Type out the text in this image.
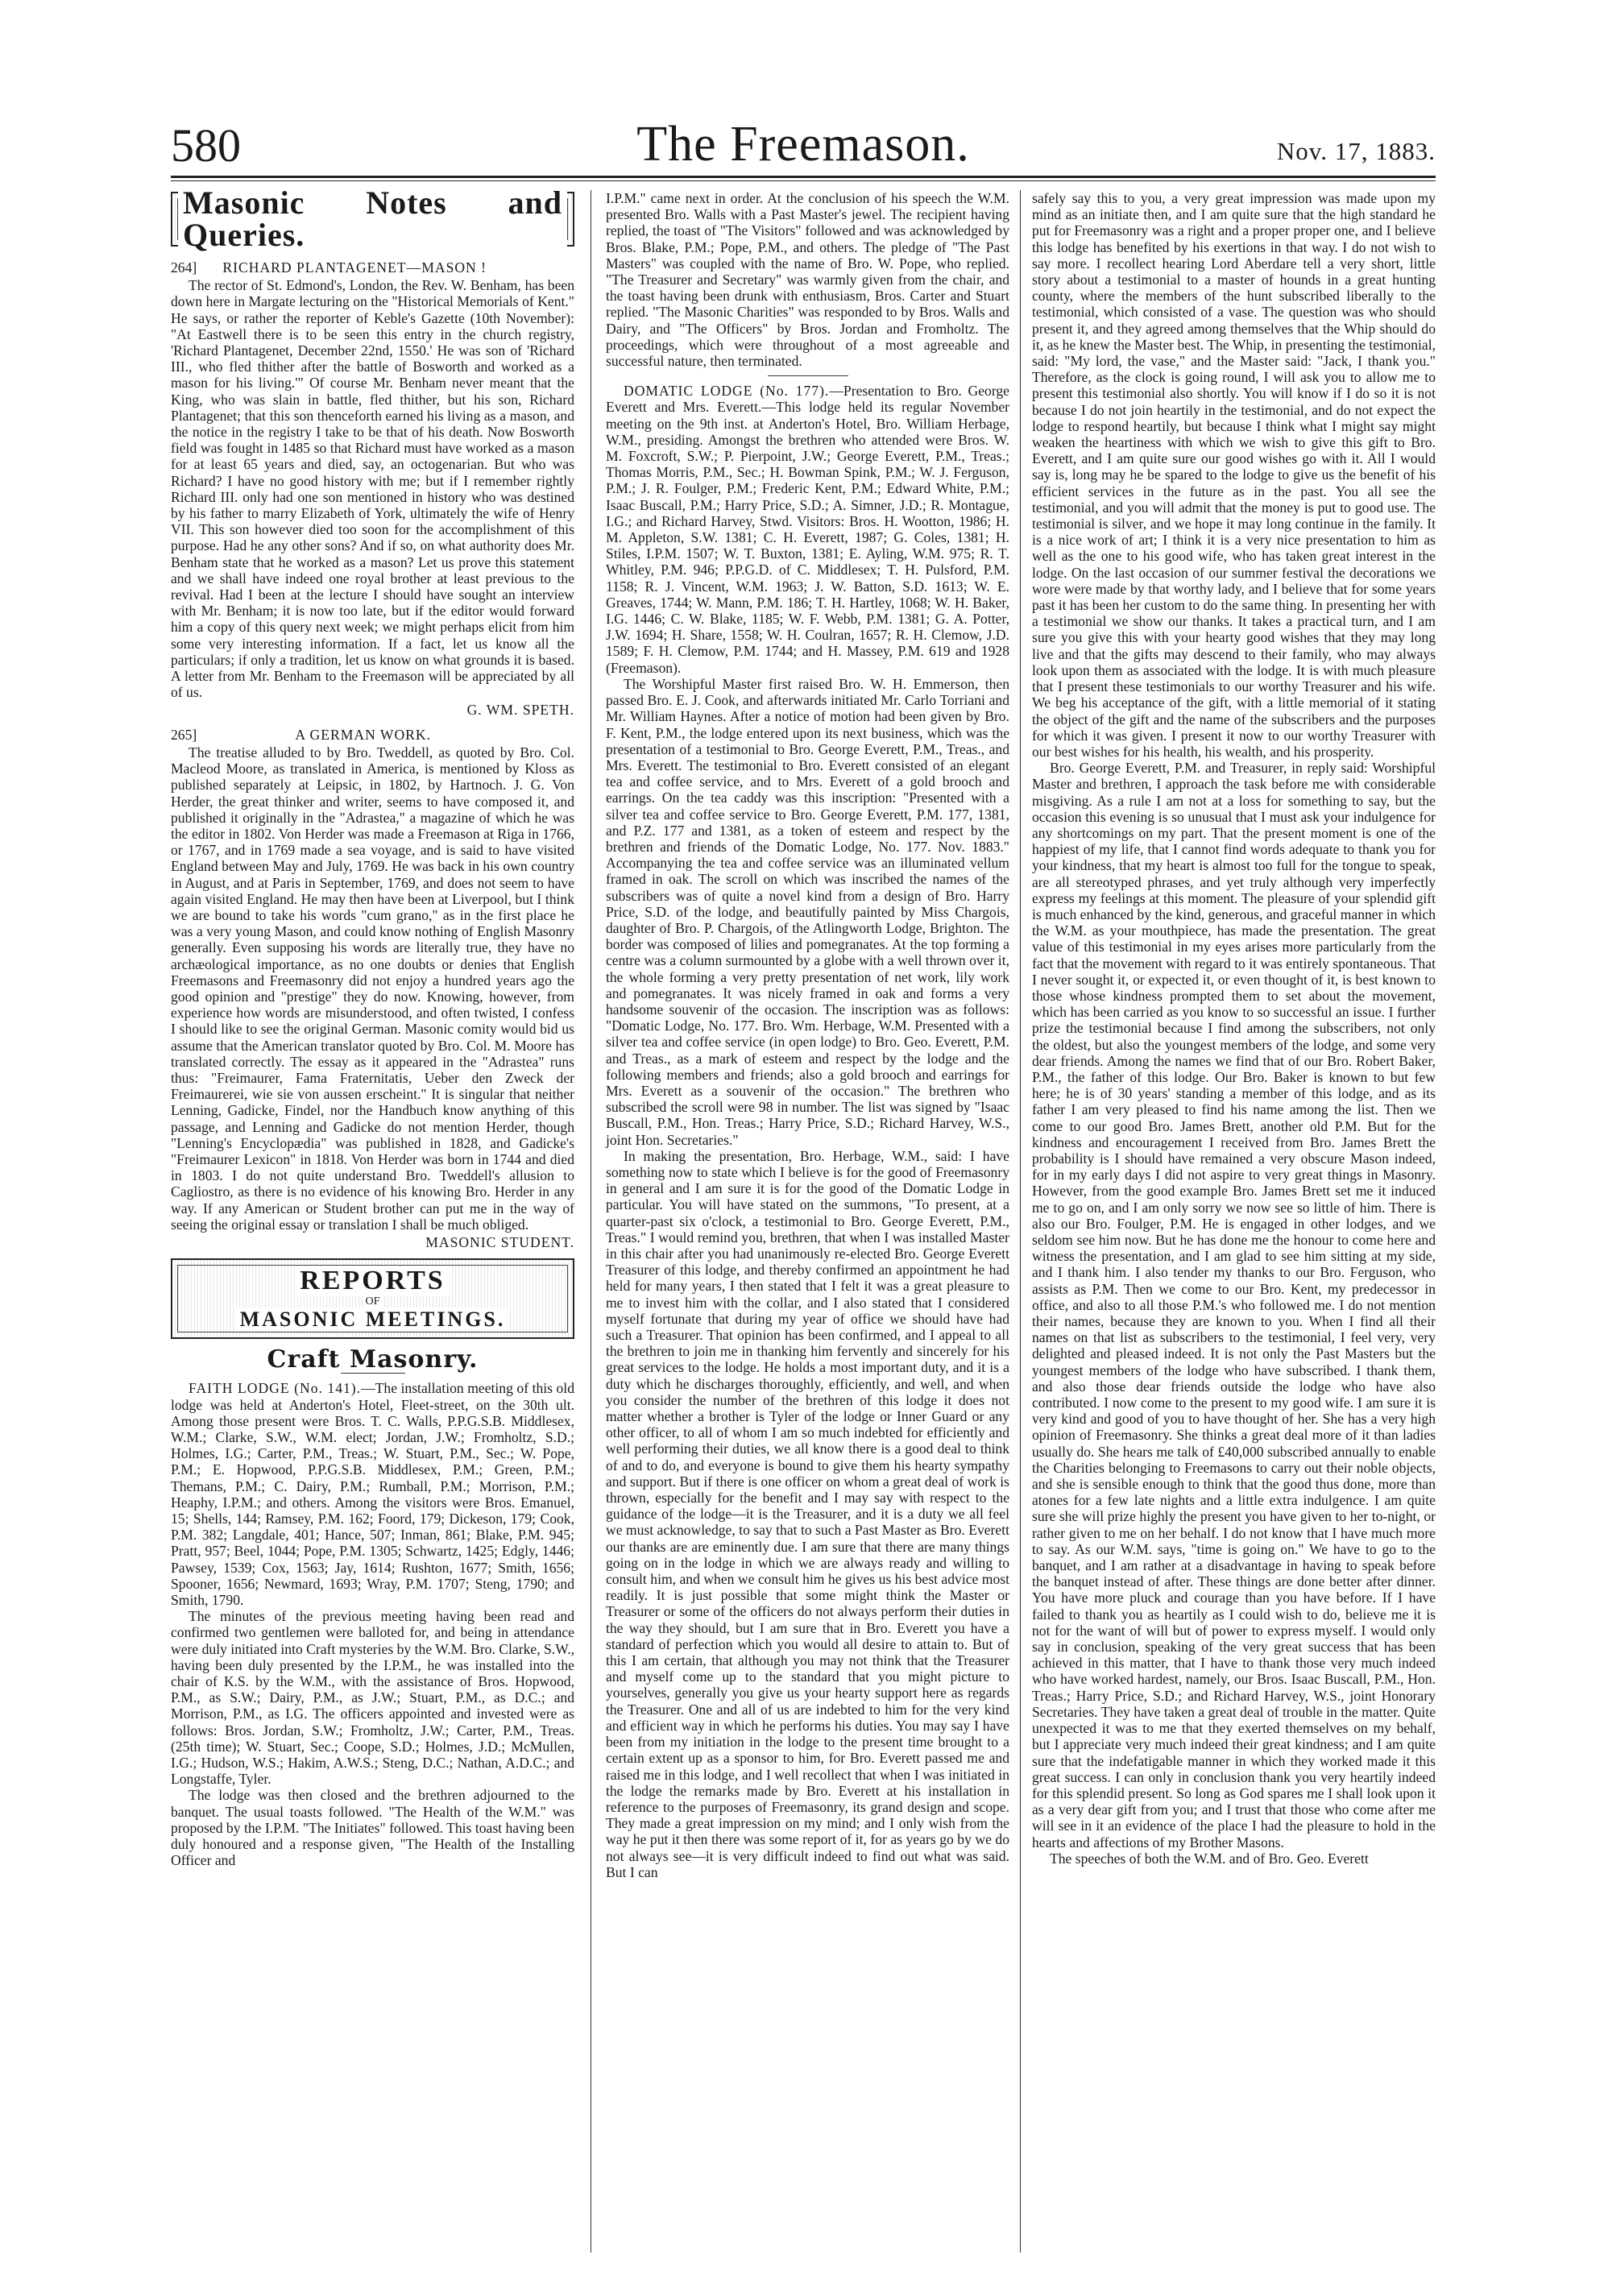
580	The Freemason.	Nov. 17, 1883.
Masonic Notes and Queries.
264] RICHARD PLANTAGENET—MASON !

The rector of St. Edmond's, London, the Rev. W. Benham, has been down here in Margate lecturing on the "Historical Memorials of Kent." He says, or rather the reporter of Keble's Gazette (10th November): "At Eastwell there is to be seen this entry in the church registry, 'Richard Plantagenet, December 22nd, 1550.' He was son of 'Richard III., who fled thither after the battle of Bosworth and worked as a mason for his living.'" Of course Mr. Benham never meant that the King, who was slain in battle, fled thither, but his son, Richard Plantagenet; that this son thenceforth earned his living as a mason, and the notice in the registry I take to be that of his death. Now Bosworth field was fought in 1485 so that Richard must have worked as a mason for at least 65 years and died, say, an octogenarian. But who was Richard? I have no good history with me; but if I remember rightly Richard III. only had one son mentioned in history who was destined by his father to marry Elizabeth of York, ultimately the wife of Henry VII. This son however died too soon for the accomplishment of this purpose. Had he any other sons? And if so, on what authority does Mr. Benham state that he worked as a mason? Let us prove this statement and we shall have indeed one royal brother at least previous to the revival. Had I been at the lecture I should have sought an interview with Mr. Benham; it is now too late, but if the editor would forward him a copy of this query next week; we might perhaps elicit from him some very interesting information. If a fact, let us know all the particulars; if only a tradition, let us know on what grounds it is based. A letter from Mr. Benham to the Freemason will be appreciated by all of us.

G. WM. SPETH.
265]	A GERMAN WORK.

The treatise alluded to by Bro. Tweddell, as quoted by Bro. Col. Macleod Moore, as translated in America, is mentioned by Kloss as published separately at Leipsic, in 1802, by Hartnoch. J. G. Von Herder, the great thinker and writer, seems to have composed it, and published it originally in the "Adrastea," a magazine of which he was the editor in 1802. Von Herder was made a Freemason at Riga in 1766, or 1767, and in 1769 made a sea voyage, and is said to have visited England between May and July, 1769. He was back in his own country in August, and at Paris in September, 1769, and does not seem to have again visited England. He may then have been at Liverpool, but I think we are bound to take his words "cum grano," as in the first place he was a very young Mason, and could know nothing of English Masonry generally. Even supposing his words are literally true, they have no archæological importance, as no one doubts or denies that English Freemasons and Freemasonry did not enjoy a hundred years ago the good opinion and "prestige" they do now. Knowing, however, from experience how words are misunderstood, and often twisted, I confess I should like to see the original German. Masonic comity would bid us assume that the American translator quoted by Bro. Col. M. Moore has translated correctly. The essay as it appeared in the "Adrastea" runs thus: "Freimaurer, Fama Fraternitatis, Ueber den Zweck der Freimaurerei, wie sie von aussen erscheint." It is singular that neither Lenning, Gadicke, Findel, nor the Handbuch know anything of this passage, and Lenning and Gadicke do not mention Herder, though "Lenning's Encyclopædia" was published in 1828, and Gadicke's "Freimaurer Lexicon" in 1818. Von Herder was born in 1744 and died in 1803. I do not quite understand Bro. Tweddell's allusion to Cagliostro, as there is no evidence of his knowing Bro. Herder in any way. If any American or Student brother can put me in the way of seeing the original essay or translation I shall be much obliged.

MASONIC STUDENT.
REPORTS
OF
MASONIC MEETINGS.
Craft Masonry.

FAITH LODGE (No. 141).—The installation meeting of this old lodge was held at Anderton's Hotel, Fleet-street, on the 30th ult. Among those present were Bros. T. C. Walls, P.P.G.S.B. Middlesex, W.M.; Clarke, S.W., W.M. elect; Jordan, J.W.; Fromholtz, S.D.; Holmes, I.G.; Carter, P.M., Treas.; W. Stuart, P.M., Sec.; W. Pope, P.M.; E. Hopwood, P.P.G.S.B. Middlesex, P.M.; Green, P.M.; Themans, P.M.; C. Dairy, P.M.; Rumball, P.M.; Morrison, P.M.; Heaphy, I.P.M.; and others. Among the visitors were Bros. Emanuel, 15; Shells, 144; Ramsey, P.M. 162; Foord, 179; Dickeson, 179; Cook, P.M. 382; Langdale, 401; Hance, 507; Inman, 861; Blake, P.M. 945; Pratt, 957; Beel, 1044; Pope, P.M. 1305; Schwartz, 1425; Edgly, 1446; Pawsey, 1539; Cox, 1563; Jay, 1614; Rushton, 1677; Smith, 1656; Spooner, 1656; Newmard, 1693; Wray, P.M. 1707; Steng, 1790; and Smith, 1790.

The minutes of the previous meeting having been read and confirmed two gentlemen were balloted for, and being in attendance were duly initiated into Craft mysteries by the W.M. Bro. Clarke, S.W., having been duly presented by the I.P.M., he was installed into the chair of K.S. by the W.M., with the assistance of Bros. Hopwood, P.M., as S.W.; Dairy, P.M., as J.W.; Stuart, P.M., as D.C.; and Morrison, P.M., as I.G. The officers appointed and invested were as follows: Bros. Jordan, S.W.; Fromholtz, J.W.; Carter, P.M., Treas. (25th time); W. Stuart, Sec.; Coope, S.D.; Holmes, J.D.; McMullen, I.G.; Hudson, W.S.; Hakim, A.W.S.; Steng, D.C.; Nathan, A.D.C.; and Longstaffe, Tyler.

The lodge was then closed and the brethren adjourned to the banquet. The usual toasts followed. "The Health of the W.M." was proposed by the I.P.M. "The Initiates" followed. This toast having been duly honoured and a response given, "The Health of the Installing Officer and

I.P.M." came next in order. At the conclusion of his speech the W.M. presented Bro. Walls with a Past Master's jewel. The recipient having replied, the toast of "The Visitors" followed and was acknowledged by Bros. Blake, P.M.; Pope, P.M., and others. The pledge of "The Past Masters" was coupled with the name of Bro. W. Pope, who replied. "The Treasurer and Secretary" was warmly given from the chair, and the toast having been drunk with enthusiasm, Bros. Carter and Stuart replied. "The Masonic Charities" was responded to by Bros. Walls and Dairy, and "The Officers" by Bros. Jordan and Fromholtz. The proceedings, which were throughout of a most agreeable and successful nature, then terminated.

DOMATIC LODGE (No. 177).—Presentation to Bro. George Everett and Mrs. Everett.—This lodge held its regular November meeting on the 9th inst. at Anderton's Hotel, Bro. William Herbage, W.M., presiding. Amongst the brethren who attended were Bros. W. M. Foxcroft, S.W.; P. Pierpoint, J.W.; George Everett, P.M., Treas.; Thomas Morris, P.M., Sec.; H. Bowman Spink, P.M.; W. J. Ferguson, P.M.; J. R. Foulger, P.M.; Frederic Kent, P.M.; Edward White, P.M.; Isaac Buscall, P.M.; Harry Price, S.D.; A. Simner, J.D.; R. Montague, I.G.; and Richard Harvey, Stwd. Visitors: Bros. H. Wootton, 1986; H. M. Appleton, S.W. 1381; C. H. Everett, 1987; G. Coles, 1381; H. Stiles, I.P.M. 1507; W. T. Buxton, 1381; E. Ayling, W.M. 975; R. T. Whitley, P.M. 946; P.P.G.D. of C. Middlesex; T. H. Pulsford, P.M. 1158; R. J. Vincent, W.M. 1963; J. W. Batton, S.D. 1613; W. E. Greaves, 1744; W. Mann, P.M. 186; T. H. Hartley, 1068; W. H. Baker, I.G. 1446; C. W. Blake, 1185; W. F. Webb, P.M. 1381; G. A. Potter, J.W. 1694; H. Share, 1558; W. H. Coulran, 1657; R. H. Clemow, J.D. 1589; F. H. Clemow, P.M. 1744; and H. Massey, P.M. 619 and 1928 (Freemason).

The Worshipful Master first raised Bro. W. H. Emmerson, then passed Bro. E. J. Cook, and afterwards initiated Mr. Carlo Torriani and Mr. William Haynes. After a notice of motion had been given by Bro. F. Kent, P.M., the lodge entered upon its next business, which was the presentation of a testimonial to Bro. George Everett, P.M., Treas., and Mrs. Everett. The testimonial to Bro. Everett consisted of an elegant tea and coffee service, and to Mrs. Everett of a gold brooch and earrings. On the tea caddy was this inscription: "Presented with a silver tea and coffee service to Bro. George Everett, P.M. 177, 1381, and P.Z. 177 and 1381, as a token of esteem and respect by the brethren and friends of the Domatic Lodge, No. 177. Nov. 1883." Accompanying the tea and coffee service was an illuminated vellum framed in oak. The scroll on which was inscribed the names of the subscribers was of quite a novel kind from a design of Bro. Harry Price, S.D. of the lodge, and beautifully painted by Miss Chargois, daughter of Bro. P. Chargois, of the Atlingworth Lodge, Brighton. The border was composed of lilies and pomegranates. At the top forming a centre was a column surmounted by a globe with a well thrown over it, the whole forming a very pretty presentation of net work, lily work and pomegranates. It was nicely framed in oak and forms a very handsome souvenir of the occasion. The inscription was as follows: "Domatic Lodge, No. 177. Bro. Wm. Herbage, W.M. Presented with a silver tea and coffee service (in open lodge) to Bro. Geo. Everett, P.M. and Treas., as a mark of esteem and respect by the lodge and the following members and friends; also a gold brooch and earrings for Mrs. Everett as a souvenir of the occasion." The brethren who subscribed the scroll were 98 in number. The list was signed by "Isaac Buscall, P.M., Hon. Treas.; Harry Price, S.D.; Richard Harvey, W.S., joint Hon. Secretaries."

In making the presentation, Bro. Herbage, W.M., said: I have something now to state which I believe is for the good of Freemasonry in general and I am sure it is for the good of the Domatic Lodge in particular. You will have stated on the summons, "To present, at a quarter-past six o'clock, a testimonial to Bro. George Everett, P.M., Treas." I would remind you, brethren, that when I was installed Master in this chair after you had unanimously re-elected Bro. George Everett Treasurer of this lodge, and thereby confirmed an appointment he had held for many years, I then stated that I felt it was a great pleasure to me to invest him with the collar, and I also stated that I considered myself fortunate that during my year of office we should have had such a Treasurer. That opinion has been confirmed, and I appeal to all the brethren to join me in thanking him fervently and sincerely for his great services to the lodge. He holds a most important duty, and it is a duty which he discharges thoroughly, efficiently, and well, and when you consider the number of the brethren of this lodge it does not matter whether a brother is Tyler of the lodge or Inner Guard or any other officer, to all of whom I am so much indebted for efficiently and well performing their duties, we all know there is a good deal to think of and to do, and everyone is bound to give them his hearty sympathy and support. But if there is one officer on whom a great deal of work is thrown, especially for the benefit and I may say with respect to the guidance of the lodge—it is the Treasurer, and it is a duty we all feel we must acknowledge, to say that to such a Past Master as Bro. Everett our thanks are are eminently due. I am sure that there are many things going on in the lodge in which we are always ready and willing to consult him, and when we consult him he gives us his best advice most readily. It is just possible that some might think the Master or Treasurer or some of the officers do not always perform their duties in the way they should, but I am sure that in Bro. Everett you have a standard of perfection which you would all desire to attain to. But of this I am certain, that although you may not think that the Treasurer and myself come up to the standard that you might picture to yourselves, generally you give us your hearty support here as regards the Treasurer. One and all of us are indebted to him for the very kind and efficient way in which he performs his duties. You may say I have been from my initiation in the lodge to the present time brought to a certain extent up as a sponsor to him, for Bro. Everett passed me and raised me in this lodge, and I well recollect that when I was initiated in the lodge the remarks made by Bro. Everett at his installation in reference to the purposes of Freemasonry, its grand design and scope. They made a great impression on my mind; and I only wish from the way he put it then there was some report of it, for as years go by we do not always see—it is very difficult indeed to find out what was said. But I can

safely say this to you, a very great impression was made upon my mind as an initiate then, and I am quite sure that the high standard he put for Freemasonry was a right and a proper proper one, and I believe this lodge has benefited by his exertions in that way. I do not wish to say more. I recollect hearing Lord Aberdare tell a very short, little story about a testimonial to a master of hounds in a great hunting county, where the members of the hunt subscribed liberally to the testimonial, which consisted of a vase. The question was who should present it, and they agreed among themselves that the Whip should do it, as he knew the Master best. The Whip, in presenting the testimonial, said: "My lord, the vase," and the Master said: "Jack, I thank you." Therefore, as the clock is going round, I will ask you to allow me to present this testimonial also shortly. You will know if I do so it is not because I do not join heartily in the testimonial, and do not expect the lodge to respond heartily, but because I think what I might say might weaken the heartiness with which we wish to give this gift to Bro. Everett, and I am quite sure our good wishes go with it. All I would say is, long may he be spared to the lodge to give us the benefit of his efficient services in the future as in the past. You all see the testimonial, and you will admit that the money is put to good use. The testimonial is silver, and we hope it may long continue in the family. It is a nice work of art; I think it is a very nice presentation to him as well as the one to his good wife, who has taken great interest in the lodge. On the last occasion of our summer festival the decorations we wore were made by that worthy lady, and I believe that for some years past it has been her custom to do the same thing. In presenting her with a testimonial we show our thanks. It takes a practical turn, and I am sure you give this with your hearty good wishes that they may long live and that the gifts may descend to their family, who may always look upon them as associated with the lodge. It is with much pleasure that I present these testimonials to our worthy Treasurer and his wife. We beg his acceptance of the gift, with a little memorial of it stating the object of the gift and the name of the subscribers and the purposes for which it was given. I present it now to our worthy Treasurer with our best wishes for his health, his wealth, and his prosperity.

Bro. George Everett, P.M. and Treasurer, in reply said: Worshipful Master and brethren, I approach the task before me with considerable misgiving. As a rule I am not at a loss for something to say, but the occasion this evening is so unusual that I must ask your indulgence for any shortcomings on my part. That the present moment is one of the happiest of my life, that I cannot find words adequate to thank you for your kindness, that my heart is almost too full for the tongue to speak, are all stereotyped phrases, and yet truly although very imperfectly express my feelings at this moment. The pleasure of your splendid gift is much enhanced by the kind, generous, and graceful manner in which the W.M. as your mouthpiece, has made the presentation. The great value of this testimonial in my eyes arises more particularly from the fact that the movement with regard to it was entirely spontaneous. That I never sought it, or expected it, or even thought of it, is best known to those whose kindness prompted them to set about the movement, which has been carried as you know to so successful an issue. I further prize the testimonial because I find among the subscribers, not only the oldest, but also the youngest members of the lodge, and some very dear friends. Among the names we find that of our Bro. Robert Baker, P.M., the father of this lodge. Our Bro. Baker is known to but few here; he is of 30 years' standing a member of this lodge, and as its father I am very pleased to find his name among the list. Then we come to our good Bro. James Brett, another old P.M. But for the kindness and encouragement I received from Bro. James Brett the probability is I should have remained a very obscure Mason indeed, for in my early days I did not aspire to very great things in Masonry. However, from the good example Bro. James Brett set me it induced me to go on, and I am only sorry we now see so little of him. There is also our Bro. Foulger, P.M. He is engaged in other lodges, and we seldom see him now. But he has done me the honour to come here and witness the presentation, and I am glad to see him sitting at my side, and I thank him. I also tender my thanks to our Bro. Ferguson, who assists as P.M. Then we come to our Bro. Kent, my predecessor in office, and also to all those P.M.'s who followed me. I do not mention their names, because they are known to you. When I find all their names on that list as subscribers to the testimonial, I feel very, very delighted and pleased indeed. It is not only the Past Masters but the youngest members of the lodge who have subscribed. I thank them, and also those dear friends outside the lodge who have also contributed. I now come to the present to my good wife. I am sure it is very kind and good of you to have thought of her. She has a very high opinion of Freemasonry. She thinks a great deal more of it than ladies usually do. She hears me talk of £40,000 subscribed annually to enable the Charities belonging to Freemasons to carry out their noble objects, and she is sensible enough to think that the good thus done, more than atones for a few late nights and a little extra indulgence. I am quite sure she will prize highly the present you have given to her to-night, or rather given to me on her behalf. I do not know that I have much more to say. As our W.M. says, "time is going on." We have to go to the banquet, and I am rather at a disadvantage in having to speak before the banquet instead of after. These things are done better after dinner. You have more pluck and courage than you have before. If I have failed to thank you as heartily as I could wish to do, believe me it is not for the want of will but of power to express myself. I would only say in conclusion, speaking of the very great success that has been achieved in this matter, that I have to thank those very much indeed who have worked hardest, namely, our Bros. Isaac Buscall, P.M., Hon. Treas.; Harry Price, S.D.; and Richard Harvey, W.S., joint Honorary Secretaries. They have taken a great deal of trouble in the matter. Quite unexpected it was to me that they exerted themselves on my behalf, but I appreciate very much indeed their great kindness; and I am quite sure that the indefatigable manner in which they worked made it this great success. I can only in conclusion thank you very heartily indeed for this splendid present. So long as God spares me I shall look upon it as a very dear gift from you; and I trust that those who come after me will see in it an evidence of the place I had the pleasure to hold in the hearts and affections of my Brother Masons.

The speeches of both the W.M. and of Bro. Geo. Everett
